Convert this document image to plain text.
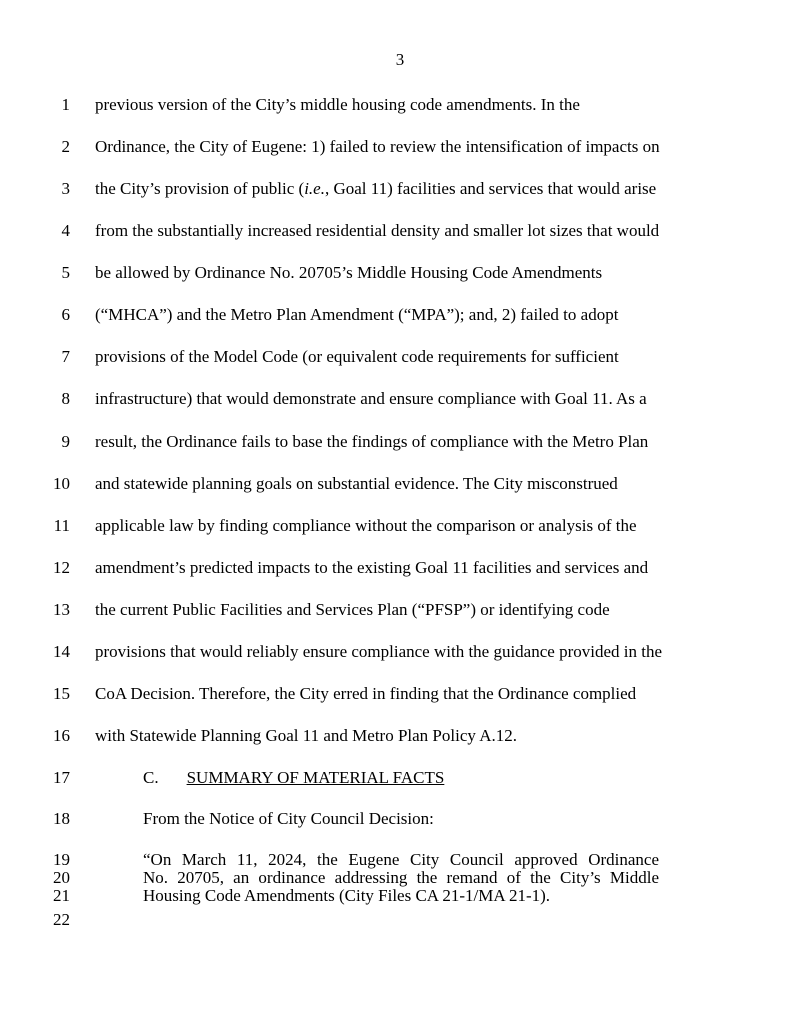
3
1 previous version of the City’s middle housing code amendments. In the
2 Ordinance, the City of Eugene: 1) failed to review the intensification of impacts on
3 the City’s provision of public (i.e., Goal 11) facilities and services that would arise
4 from the substantially increased residential density and smaller lot sizes that would
5 be allowed by Ordinance No. 20705’s Middle Housing Code Amendments
6 (“MHCA”) and the Metro Plan Amendment (“MPA”); and, 2) failed to adopt
7 provisions of the Model Code (or equivalent code requirements for sufficient
8 infrastructure) that would demonstrate and ensure compliance with Goal 11. As a
9 result, the Ordinance fails to base the findings of compliance with the Metro Plan
10 and statewide planning goals on substantial evidence. The City misconstrued
11 applicable law by finding compliance without the comparison or analysis of the
12 amendment’s predicted impacts to the existing Goal 11 facilities and services and
13 the current Public Facilities and Services Plan (“PFSP”) or identifying code
14 provisions that would reliably ensure compliance with the guidance provided in the
15 CoA Decision. Therefore, the City erred in finding that the Ordinance complied
16 with Statewide Planning Goal 11 and Metro Plan Policy A.12.
17	C. SUMMARY OF MATERIAL FACTS
18	From the Notice of City Council Decision:
19	“On March 11, 2024, the Eugene City Council approved Ordinance
20	No. 20705, an ordinance addressing the remand of the City’s Middle
21	Housing Code Amendments (City Files CA 21-1/MA 21-1).
22
